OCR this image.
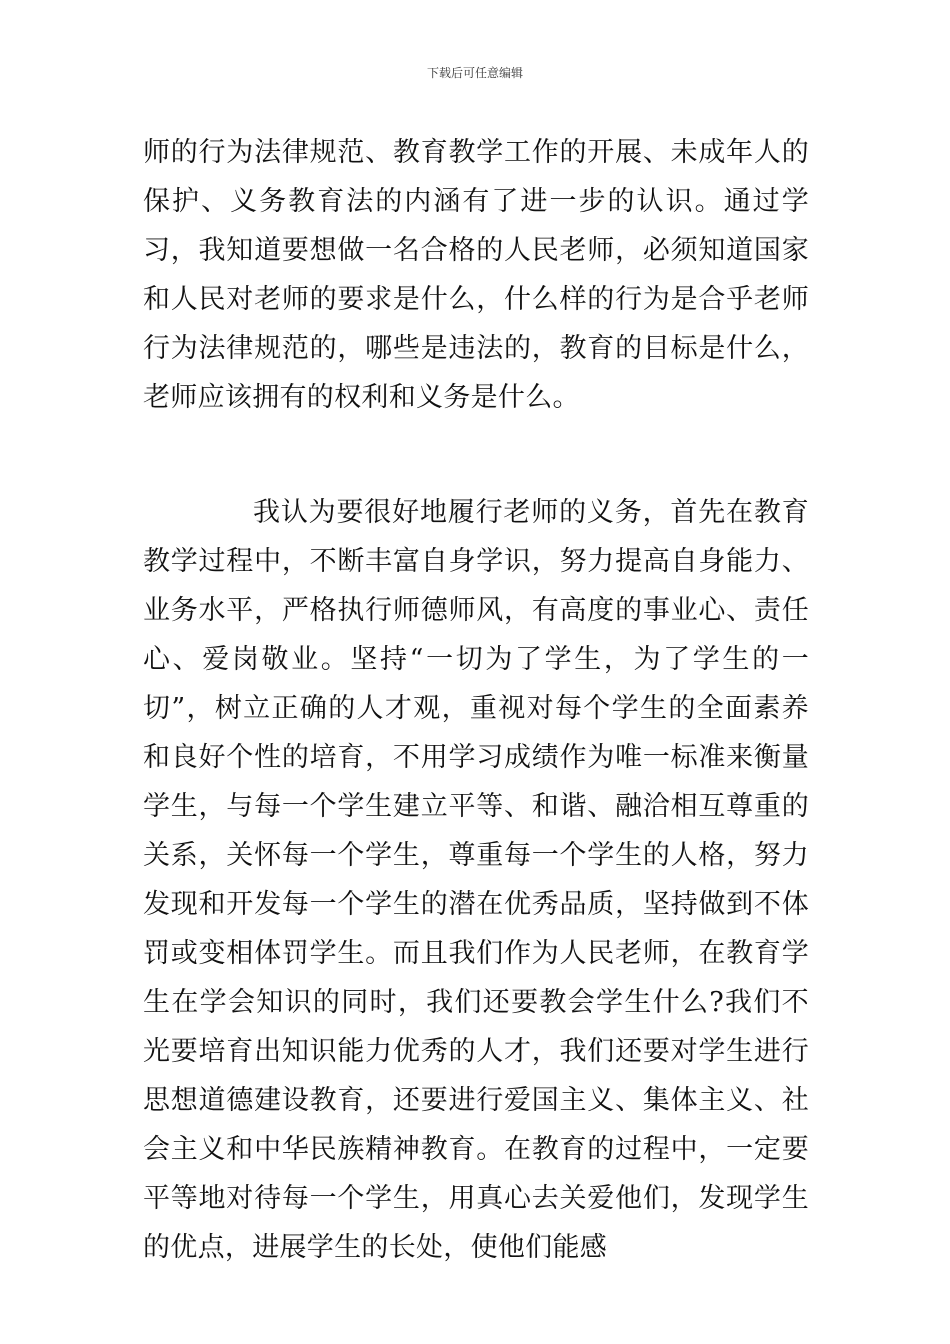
下载后可任意编辑

师的行为法律规范、教育教学工作的开展、未成年人的保护、义务教育法的内涵有了进一步的认识。通过学习，我知道要想做一名合格的人民老师，必须知道国家和人民对老师的要求是什么，什么样的行为是合乎老师行为法律规范的，哪些是违法的，教育的目标是什么，老师应该拥有的权利和义务是什么。

我认为要很好地履行老师的义务，首先在教育教学过程中，不断丰富自身学识，努力提高自身能力、业务水平，严格执行师德师风，有高度的事业心、责任心、爱岗敬业。坚持“一切为了学生，为了学生的一切”，树立正确的人才观，重视对每个学生的全面素养和良好个性的培育，不用学习成绩作为唯一标准来衡量学生，与每一个学生建立平等、和谐、融洽相互尊重的关系，关怀每一个学生，尊重每一个学生的人格，努力发现和开发每一个学生的潜在优秀品质，坚持做到不体罚或变相体罚学生。而且我们作为人民老师，在教育学生在学会知识的同时，我们还要教会学生什么?我们不光要培育出知识能力优秀的人才，我们还要对学生进行思想道德建设教育，还要进行爱国主义、集体主义、社会主义和中华民族精神教育。在教育的过程中，一定要平等地对待每一个学生，用真心去关爱他们，发现学生的优点，进展学生的长处，使他们能感
